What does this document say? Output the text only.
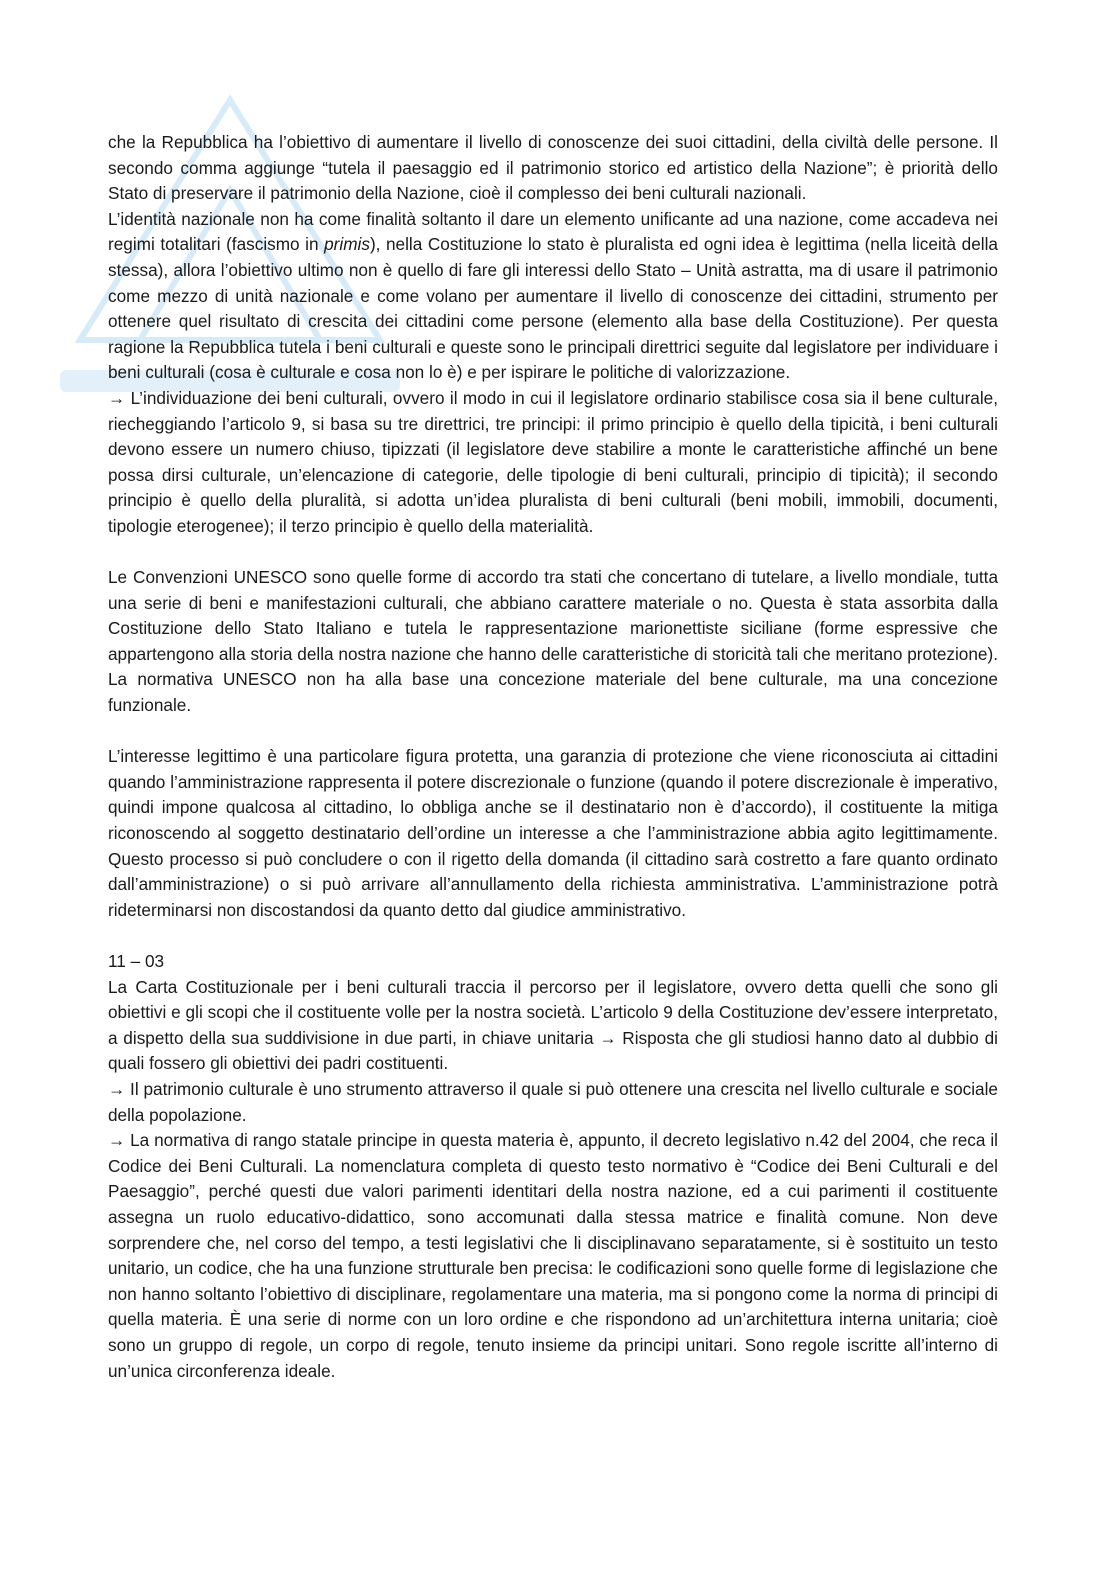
che la Repubblica ha l’obiettivo di aumentare il livello di conoscenze dei suoi cittadini, della civiltà delle persone. Il secondo comma aggiunge “tutela il paesaggio ed il patrimonio storico ed artistico della Nazione”; è priorità dello Stato di preservare il patrimonio della Nazione, cioè il complesso dei beni culturali nazionali.

L’identità nazionale non ha come finalità soltanto il dare un elemento unificante ad una nazione, come accadeva nei regimi totalitari (fascismo in primis), nella Costituzione lo stato è pluralista ed ogni idea è legittima (nella liceità della stessa), allora l’obiettivo ultimo non è quello di fare gli interessi dello Stato – Unità astratta, ma di usare il patrimonio come mezzo di unità nazionale e come volano per aumentare il livello di conoscenze dei cittadini, strumento per ottenere quel risultato di crescita dei cittadini come persone (elemento alla base della Costituzione). Per questa ragione la Repubblica tutela i beni culturali e queste sono le principali direttrici seguite dal legislatore per individuare i beni culturali (cosa è culturale e cosa non lo è) e per ispirare le politiche di valorizzazione.

→ L’individuazione dei beni culturali, ovvero il modo in cui il legislatore ordinario stabilisce cosa sia il bene culturale, riecheggiando l’articolo 9, si basa su tre direttrici, tre principi: il primo principio è quello della tipicità, i beni culturali devono essere un numero chiuso, tipizzati (il legislatore deve stabilire a monte le caratteristiche affinché un bene possa dirsi culturale, un’elencazione di categorie, delle tipologie di beni culturali, principio di tipicità); il secondo principio è quello della pluralità, si adotta un’idea pluralista di beni culturali (beni mobili, immobili, documenti, tipologie eterogenee); il terzo principio è quello della materialità.

Le Convenzioni UNESCO sono quelle forme di accordo tra stati che concertano di tutelare, a livello mondiale, tutta una serie di beni e manifestazioni culturali, che abbiano carattere materiale o no. Questa è stata assorbita dalla Costituzione dello Stato Italiano e tutela le rappresentazione marionettiste siciliane (forme espressive che appartengono alla storia della nostra nazione che hanno delle caratteristiche di storicità tali che meritano protezione). La normativa UNESCO non ha alla base una concezione materiale del bene culturale, ma una concezione funzionale.

L’interesse legittimo è una particolare figura protetta, una garanzia di protezione che viene riconosciuta ai cittadini quando l’amministrazione rappresenta il potere discrezionale o funzione (quando il potere discrezionale è imperativo, quindi impone qualcosa al cittadino, lo obbliga anche se il destinatario non è d’accordo), il costituente la mitiga riconoscendo al soggetto destinatario dell’ordine un interesse a che l’amministrazione abbia agito legittimamente. Questo processo si può concludere o con il rigetto della domanda (il cittadino sarà costretto a fare quanto ordinato dall’amministrazione) o si può arrivare all’annullamento della richiesta amministrativa. L’amministrazione potrà rideterminarsi non discostandosi da quanto detto dal giudice amministrativo.

11 – 03

La Carta Costituzionale per i beni culturali traccia il percorso per il legislatore, ovvero detta quelli che sono gli obiettivi e gli scopi che il costituente volle per la nostra società. L’articolo 9 della Costituzione dev’essere interpretato, a dispetto della sua suddivisione in due parti, in chiave unitaria → Risposta che gli studiosi hanno dato al dubbio di quali fossero gli obiettivi dei padri costituenti.

→ Il patrimonio culturale è uno strumento attraverso il quale si può ottenere una crescita nel livello culturale e sociale della popolazione.

→ La normativa di rango statale principe in questa materia è, appunto, il decreto legislativo n.42 del 2004, che reca il Codice dei Beni Culturali. La nomenclatura completa di questo testo normativo è “Codice dei Beni Culturali e del Paesaggio”, perché questi due valori parimenti identitari della nostra nazione, ed a cui parimenti il costituente assegna un ruolo educativo-didattico, sono accomunati dalla stessa matrice e finalità comune. Non deve sorprendere che, nel corso del tempo, a testi legislativi che li disciplinavano separatamente, si è sostituito un testo unitario, un codice, che ha una funzione strutturale ben precisa: le codificazioni sono quelle forme di legislazione che non hanno soltanto l’obiettivo di disciplinare, regolamentare una materia, ma si pongono come la norma di principi di quella materia. È una serie di norme con un loro ordine e che rispondono ad un’architettura interna unitaria; cioè sono un gruppo di regole, un corpo di regole, tenuto insieme da principi unitari. Sono regole iscritte all’interno di un’unica circonferenza ideale.
